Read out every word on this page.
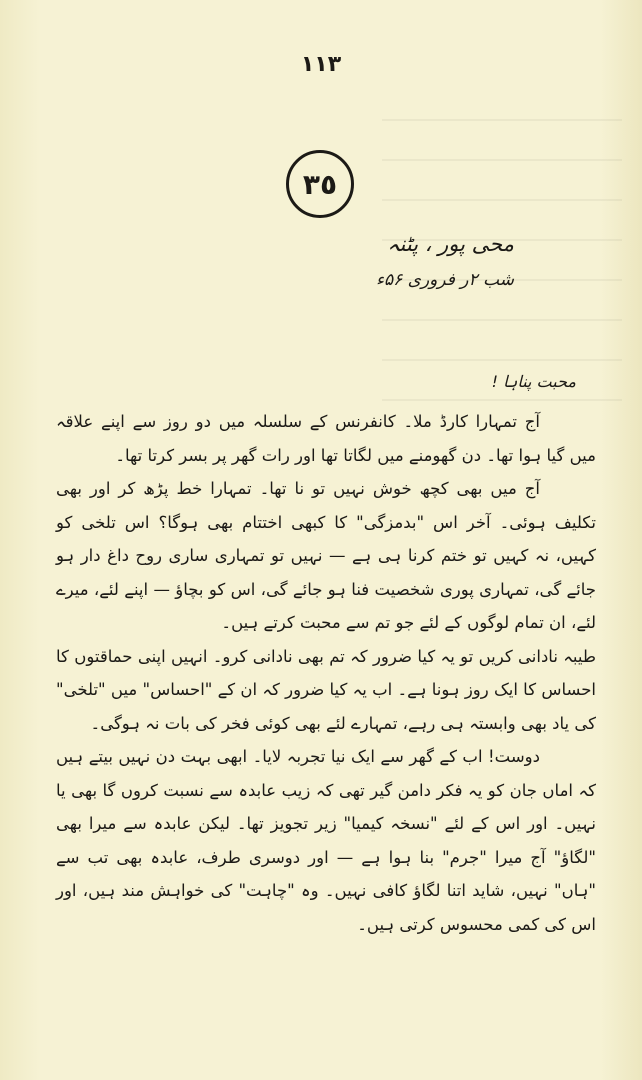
١١٣
٣٥
محی پور ، پٹنہ
شب ۲ر فروری ۵۶ء
محبت پناہا !

آج تمہارا کارڈ ملا۔ کانفرنس کے سلسلہ میں دو روز سے اپنے علاقہ میں گیا ہوا تھا۔ دن گھومنے میں لگاتا تھا اور رات گھر پر بسر کرتا تھا۔

آج میں بھی کچھ خوش نہیں تو نا تھا۔ تمہارا خط پڑھ کر اور بھی تکلیف ہوئی۔ آخر اس "بدمزگی" کا کبھی اختتام بھی ہوگا؟ اس تلخی کو کہیں، نہ کہیں تو ختم کرنا ہی ہے — نہیں تو تمہاری ساری روح داغ دار ہو جائے گی، تمہاری پوری شخصیت فنا ہو جائے گی، اس کو بچاؤ — اپنے لئے، میرے لئے، ان تمام لوگوں کے لئے جو تم سے محبت کرتے ہیں۔

طیبہ نادانی کریں تو یہ کیا ضرور کہ تم بھی نادانی کرو۔ انہیں اپنی حماقتوں کا احساس کا ایک روز ہونا ہے۔ اب یہ کیا ضرور کہ ان کے "احساس" میں "تلخی" کی یاد بھی وابستہ ہی رہے، تمہارے لئے بھی کوئی فخر کی بات نہ ہوگی۔

دوست! اب کے گھر سے ایک نیا تجربہ لایا۔ ابھی بہت دن نہیں بیتے ہیں کہ اماں جان کو یہ فکر دامن گیر تھی کہ زیب عابدہ سے نسبت کروں گا بھی یا نہیں۔ اور اس کے لئے "نسخہ کیمیا" زیر تجویز تھا۔ لیکن عابدہ سے میرا بھی "لگاؤ" آج میرا "جرم" بنا ہوا ہے — اور دوسری طرف، عابدہ بھی تب سے "ہاں" نہیں، شاید اتنا لگاؤ کافی نہیں۔ وہ "چاہت" کی خواہش مند ہیں، اور اس کی کمی محسوس کرتی ہیں۔
